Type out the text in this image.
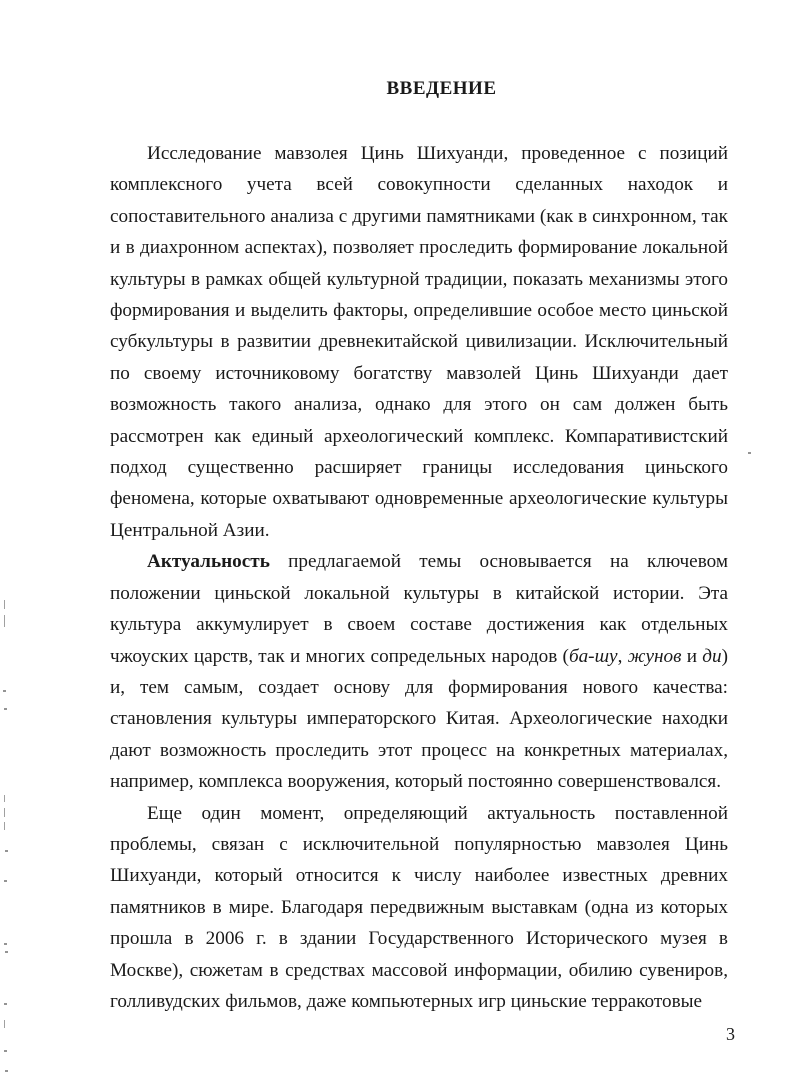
ВВЕДЕНИЕ

Исследование мавзолея Цинь Шихуанди, проведенное с позиций комплексного учета всей совокупности сделанных находок и сопоставительного анализа с другими памятниками (как в синхронном, так и в диахронном аспектах), позволяет проследить формирование локальной культуры в рамках общей культурной традиции, показать механизмы этого формирования и выделить факторы, определившие особое место циньской субкультуры в развитии древнекитайской цивилизации. Исключительный по своему источниковому богатству мавзолей Цинь Шихуанди дает возможность такого анализа, однако для этого он сам должен быть рассмотрен как единый археологический комплекс. Компаративистский подход существенно расширяет границы исследования циньского феномена, которые охватывают одновременные археологические культуры Центральной Азии.

Актуальность предлагаемой темы основывается на ключевом положении циньской локальной культуры в китайской истории. Эта культура аккумулирует в своем составе достижения как отдельных чжоуских царств, так и многих сопредельных народов (ба-шу, жунов и ди) и, тем самым, создает основу для формирования нового качества: становления культуры императорского Китая. Археологические находки дают возможность проследить этот процесс на конкретных материалах, например, комплекса вооружения, который постоянно совершенствовался.

Еще один момент, определяющий актуальность поставленной проблемы, связан с исключительной популярностью мавзолея Цинь Шихуанди, который относится к числу наиболее известных древних памятников в мире. Благодаря передвижным выставкам (одна из которых прошла в 2006 г. в здании Государственного Исторического музея в Москве), сюжетам в средствах массовой информации, обилию сувениров, голливудских фильмов, даже компьютерных игр циньские терракотовые

3
